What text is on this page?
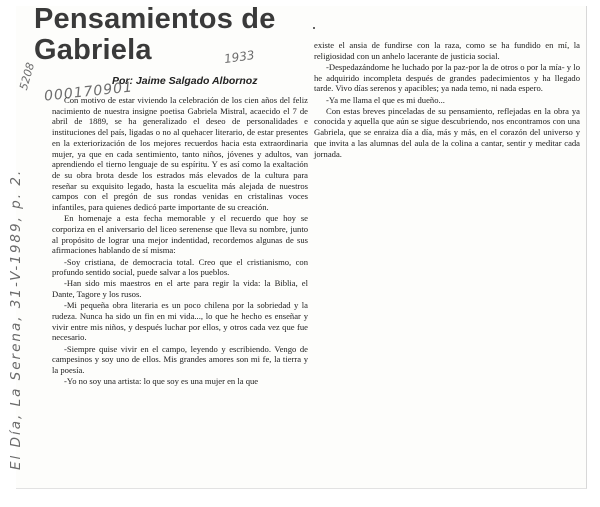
Pensamientos de Gabriela
Por: Jaime Salgado Albornoz
1933
000170901
5208
El Día, La Serena, 31-V-1989, p. 2.

Con motivo de estar viviendo la celebración de los cien años del feliz nacimiento de nuestra insigne poetisa Gabriela Mistral, acaecido el 7 de abril de 1889, se ha generalizado el deseo de personalidades e instituciones del país, ligadas o no al quehacer literario, de estar presentes en la exteriorización de los mejores recuerdos hacia esta extraordinaria mujer, ya que en cada sentimiento, tanto niños, jóvenes y adultos, van aprendiendo el tierno lenguaje de su espíritu. Y es así como la exaltación de su obra brota desde los estrados más elevados de la cultura para reseñar su exquisito legado, hasta la escuelita más alejada de nuestros campos con el pregón de sus rondas venidas en cristalinas voces infantiles, para quienes dedicó parte importante de su creación.

En homenaje a esta fecha memorable y el recuerdo que hoy se corporiza en el aniversario del liceo serenense que lleva su nombre, junto al propósito de lograr una mejor indentidad, recordemos algunas de sus afirmaciones hablando de sí misma:

-Soy cristiana, de democracia total. Creo que el cristianismo, con profundo sentido social, puede salvar a los pueblos.

-Han sido mis maestros en el arte para regir la vida: la Biblia, el Dante, Tagore y los rusos.

-Mi pequeña obra literaria es un poco chilena por la sobriedad y la rudeza. Nunca ha sido un fin en mi vida..., lo que he hecho es enseñar y vivir entre mis niños, y después luchar por ellos, y otros cada vez que fue necesario.

-Siempre quise vivir en el campo, leyendo y escribiendo. Vengo de campesinos y soy uno de ellos. Mis grandes amores son mi fe, la tierra y la poesía.

-Yo no soy una artista: lo que soy es una mujer en la que

existe el ansia de fundirse con la raza, como se ha fundido en mí, la religiosidad con un anhelo lacerante de justicia social.

-Despedazándome he luchado por la paz-por la de otros o por la mía- y lo he adquirido incompleta después de grandes padecimientos y ha llegado tarde. Vivo días serenos y apacibles; ya nada temo, ni nada espero.

-Ya me llama el que es mi dueño...

Con estas breves pinceladas de su pensamiento, reflejadas en la obra ya conocida y aquella que aún se sigue descubriendo, nos encontramos con una Gabriela, que se enraiza día a día, más y más, en el corazón del universo y que invita a las alumnas del aula de la colina a cantar, sentir y meditar cada jornada.
